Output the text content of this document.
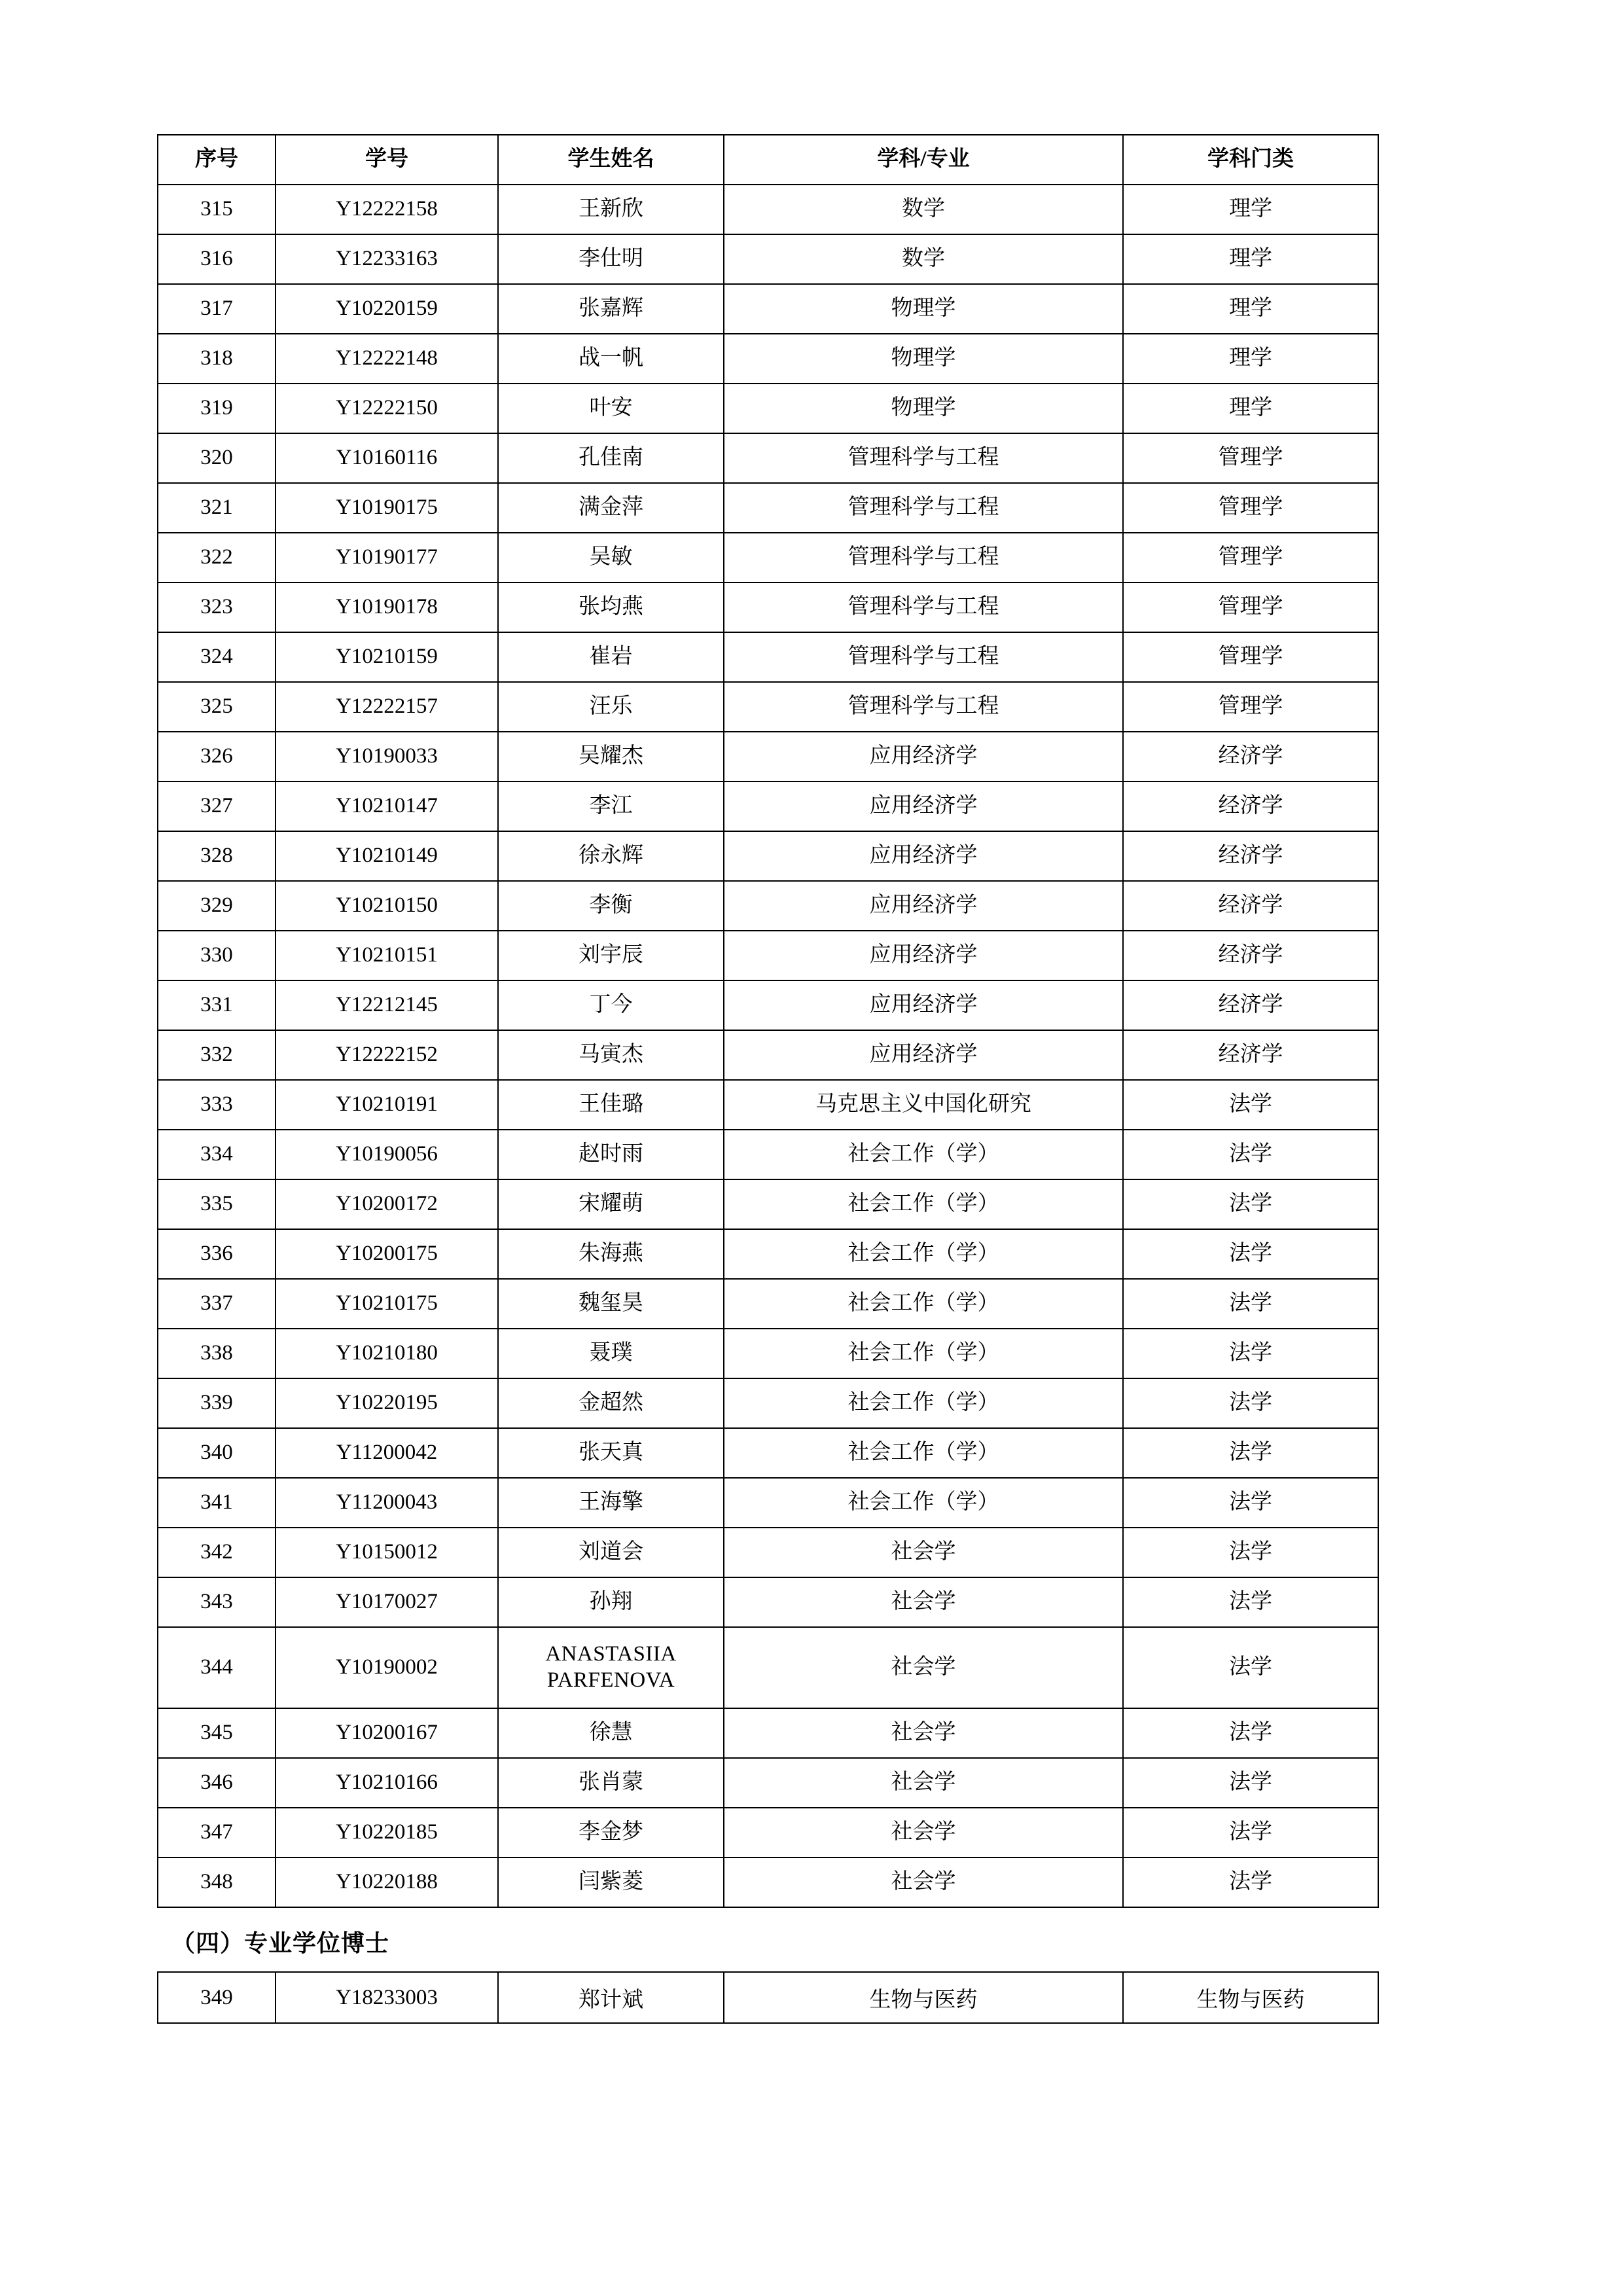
序号	学号	学生姓名	学科/专业	学科门类
315	Y12222158	王新欣	数学	理学
316	Y12233163	李仕明	数学	理学
317	Y10220159	张嘉辉	物理学	理学
318	Y12222148	战一帆	物理学	理学
319	Y12222150	叶安	物理学	理学
320	Y10160116	孔佳南	管理科学与工程	管理学
321	Y10190175	满金萍	管理科学与工程	管理学
322	Y10190177	吴敏	管理科学与工程	管理学
323	Y10190178	张均燕	管理科学与工程	管理学
324	Y10210159	崔岩	管理科学与工程	管理学
325	Y12222157	汪乐	管理科学与工程	管理学
326	Y10190033	吴耀杰	应用经济学	经济学
327	Y10210147	李江	应用经济学	经济学
328	Y10210149	徐永辉	应用经济学	经济学
329	Y10210150	李衡	应用经济学	经济学
330	Y10210151	刘宇辰	应用经济学	经济学
331	Y12212145	丁今	应用经济学	经济学
332	Y12222152	马寅杰	应用经济学	经济学
333	Y10210191	王佳璐	马克思主义中国化研究	法学
334	Y10190056	赵时雨	社会工作（学）	法学
335	Y10200172	宋耀萌	社会工作（学）	法学
336	Y10200175	朱海燕	社会工作（学）	法学
337	Y10210175	魏玺昊	社会工作（学）	法学
338	Y10210180	聂璞	社会工作（学）	法学
339	Y10220195	金超然	社会工作（学）	法学
340	Y11200042	张天真	社会工作（学）	法学
341	Y11200043	王海擎	社会工作（学）	法学
342	Y10150012	刘道会	社会学	法学
343	Y10170027	孙翔	社会学	法学
344	Y10190002	ANASTASIIA
PARFENOVA	社会学	法学
345	Y10200167	徐慧	社会学	法学
346	Y10210166	张肖蒙	社会学	法学
347	Y10220185	李金梦	社会学	法学
348	Y10220188	闫紫菱	社会学	法学
（四）专业学位博士
349	Y18233003	郑计斌	生物与医药	生物与医药
